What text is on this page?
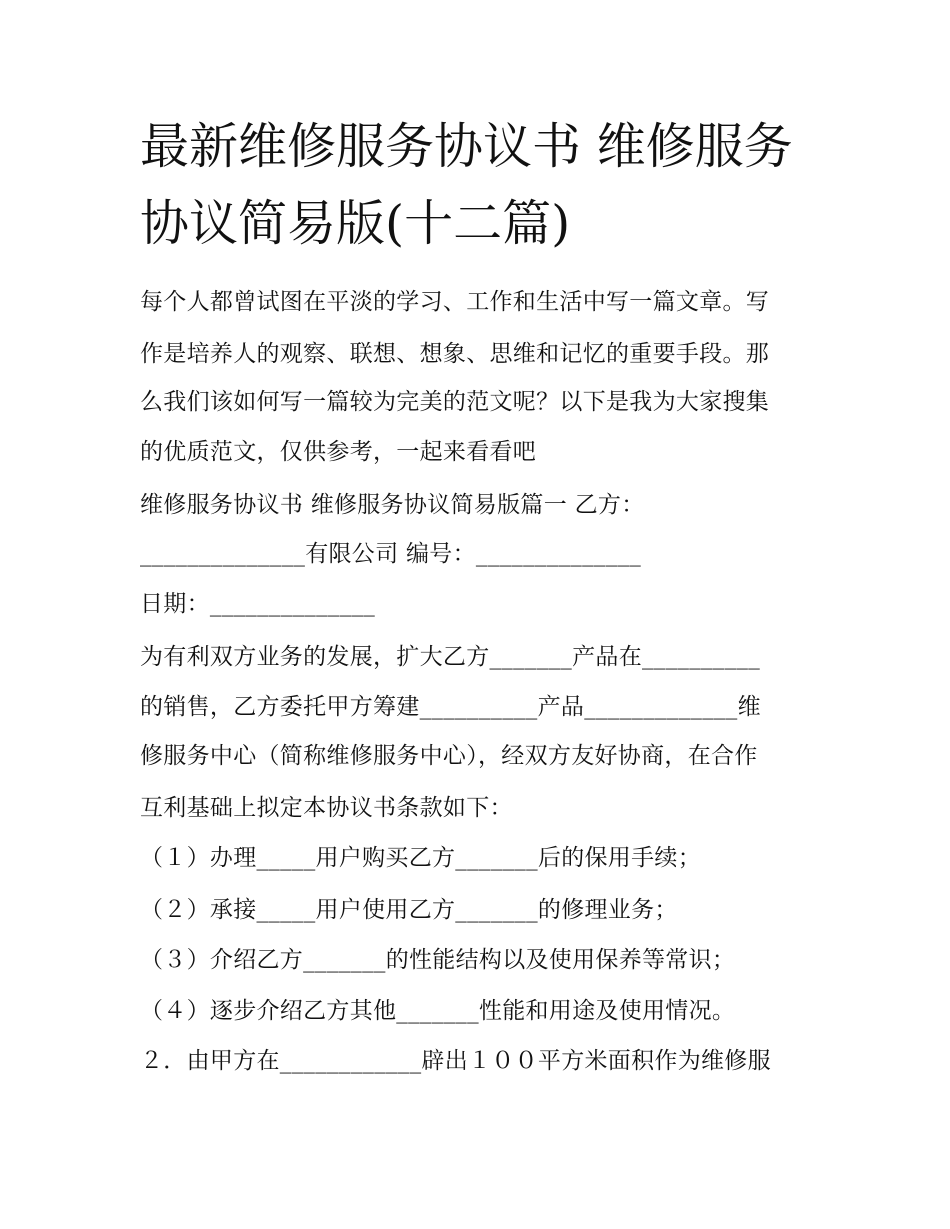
最新维修服务协议书 维修服务
协议简易版(十二篇)
每个人都曾试图在平淡的学习、工作和生活中写一篇文章。写
作是培养人的观察、联想、想象、思维和记忆的重要手段。那
么我们该如何写一篇较为完美的范文呢？以下是我为大家搜集
的优质范文，仅供参考，一起来看看吧
维修服务协议书 维修服务协议简易版篇一 乙方：
______________有限公司 编号：______________
日期：______________
为有利双方业务的发展，扩大乙方_______产品在__________
的销售，乙方委托甲方筹建__________产品_____________维
修服务中心（简称维修服务中心），经双方友好协商，在合作
互利基础上拟定本协议书条款如下：
（１）办理_____用户购买乙方_______后的保用手续；
（２）承接_____用户使用乙方_______的修理业务；
（３）介绍乙方_______的性能结构以及使用保养等常识；
（４）逐步介绍乙方其他_______性能和用途及使用情况。
２．由甲方在____________辟出１００平方米面积作为维修服
